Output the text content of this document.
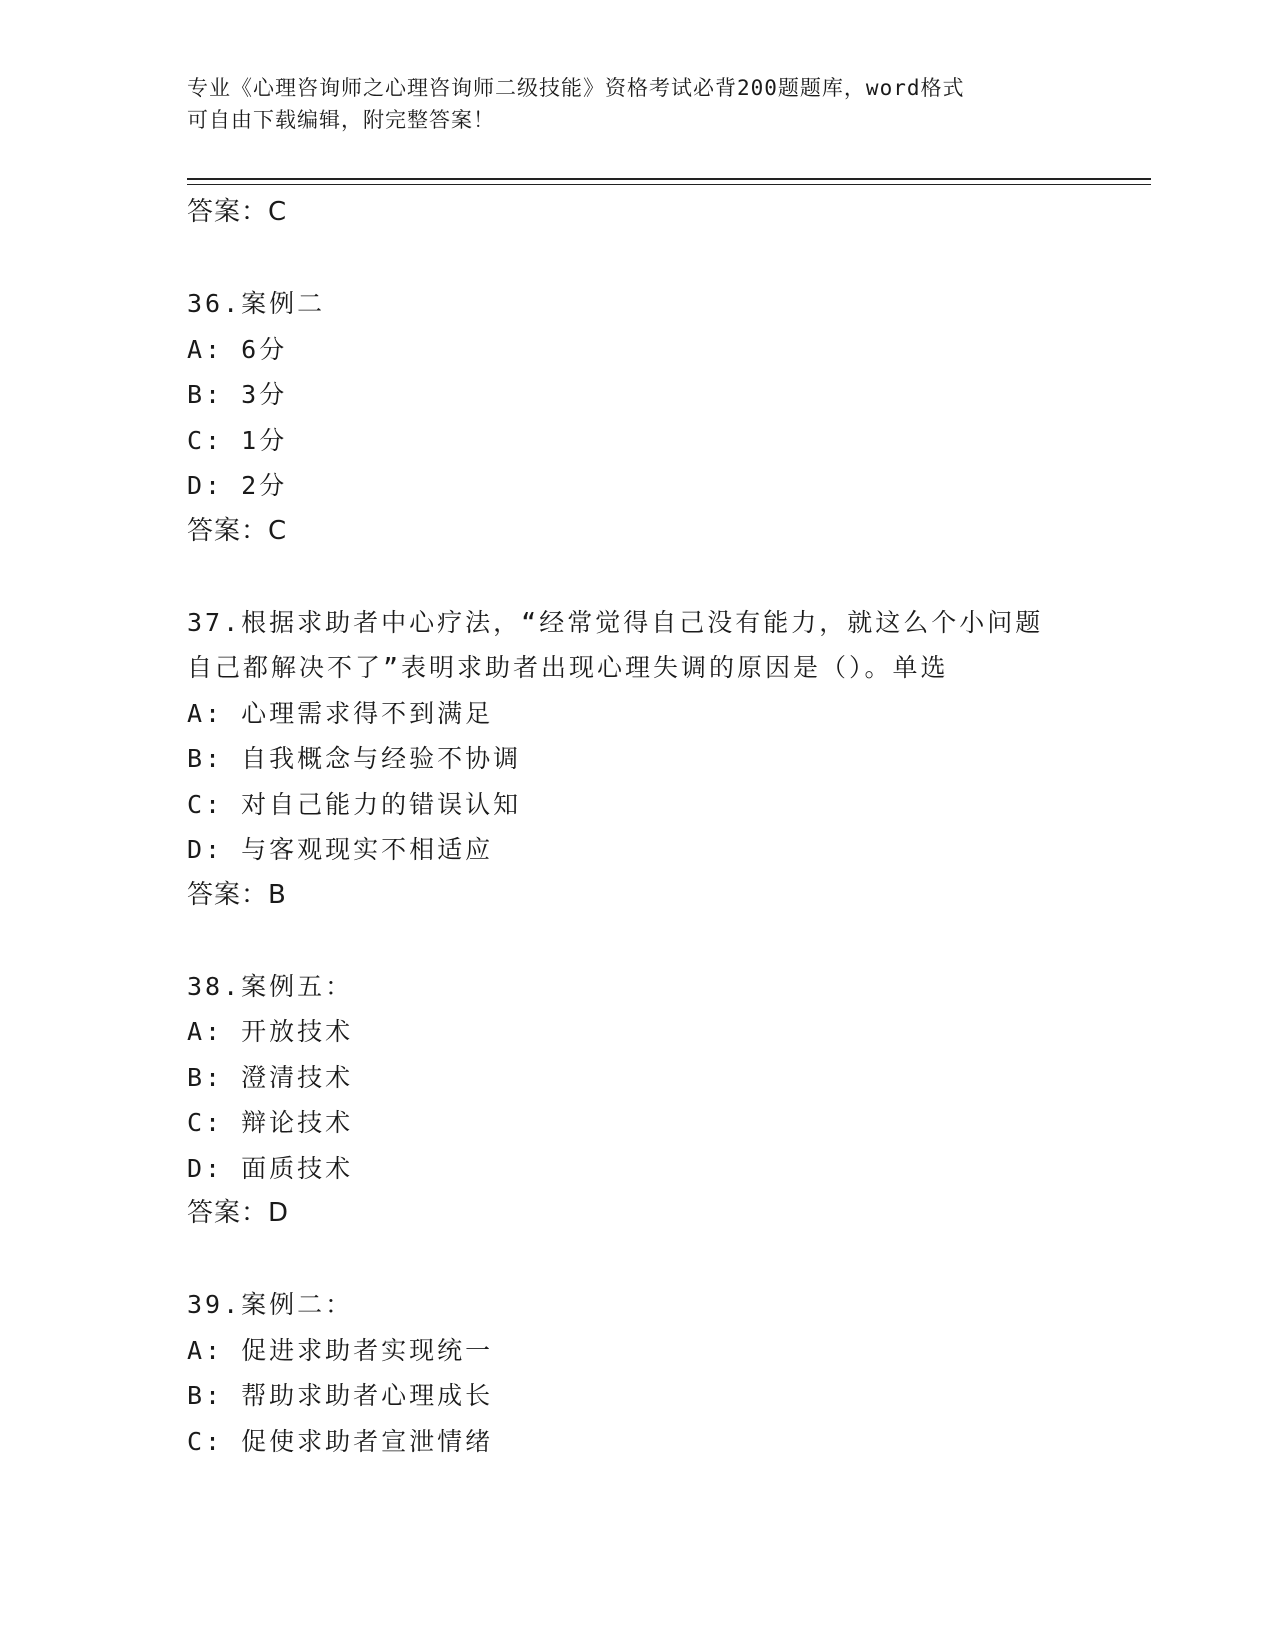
专业《心理咨询师之心理咨询师二级技能》资格考试必背200题题库，word格式
可自由下载编辑，附完整答案！
答案：C
36.案例二
A: 6分
B: 3分
C: 1分
D: 2分
答案：C
37.根据求助者中心疗法，“经常觉得自己没有能力，就这么个小问题
自己都解决不了”表明求助者出现心理失调的原因是（）。单选
A: 心理需求得不到满足
B: 自我概念与经验不协调
C: 对自己能力的错误认知
D: 与客观现实不相适应
答案：B
38.案例五：
A: 开放技术
B: 澄清技术
C: 辩论技术
D: 面质技术
答案：D
39.案例二：
A: 促进求助者实现统一
B: 帮助求助者心理成长
C: 促使求助者宣泄情绪
